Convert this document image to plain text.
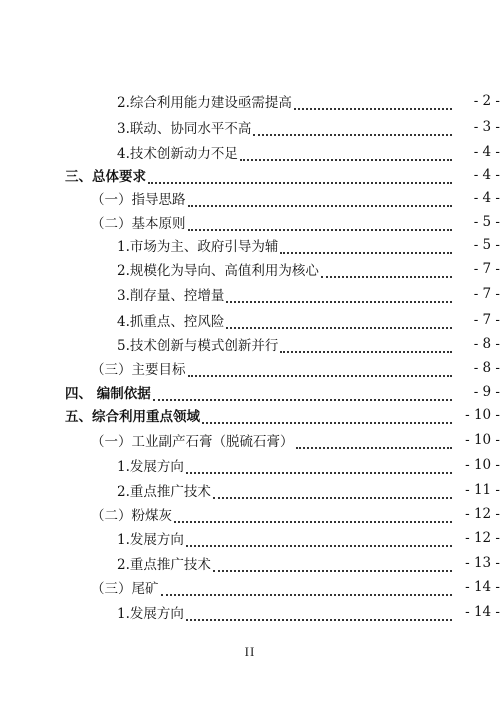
2.综合利用能力建设亟需提高	- 2 -
3.联动、协同水平不高	- 3 -
4.技术创新动力不足	- 4 -
三、总体要求	- 4 -
（一）指导思路	- 4 -
（二）基本原则	- 5 -
1.市场为主、政府引导为辅	- 5 -
2.规模化为导向、高值利用为核心	- 7 -
3.削存量、控增量	- 7 -
4.抓重点、控风险	- 7 -
5.技术创新与模式创新并行	- 8 -
（三）主要目标	- 8 -
四、 编制依据	- 9 -
五、综合利用重点领域	- 10 -
（一）工业副产石膏（脱硫石膏）	- 10 -
1.发展方向	- 10 -
2.重点推广技术	- 11 -
（二）粉煤灰	- 12 -
1.发展方向	- 12 -
2.重点推广技术	- 13 -
（三）尾矿	- 14 -
1.发展方向	- 14 -
II
